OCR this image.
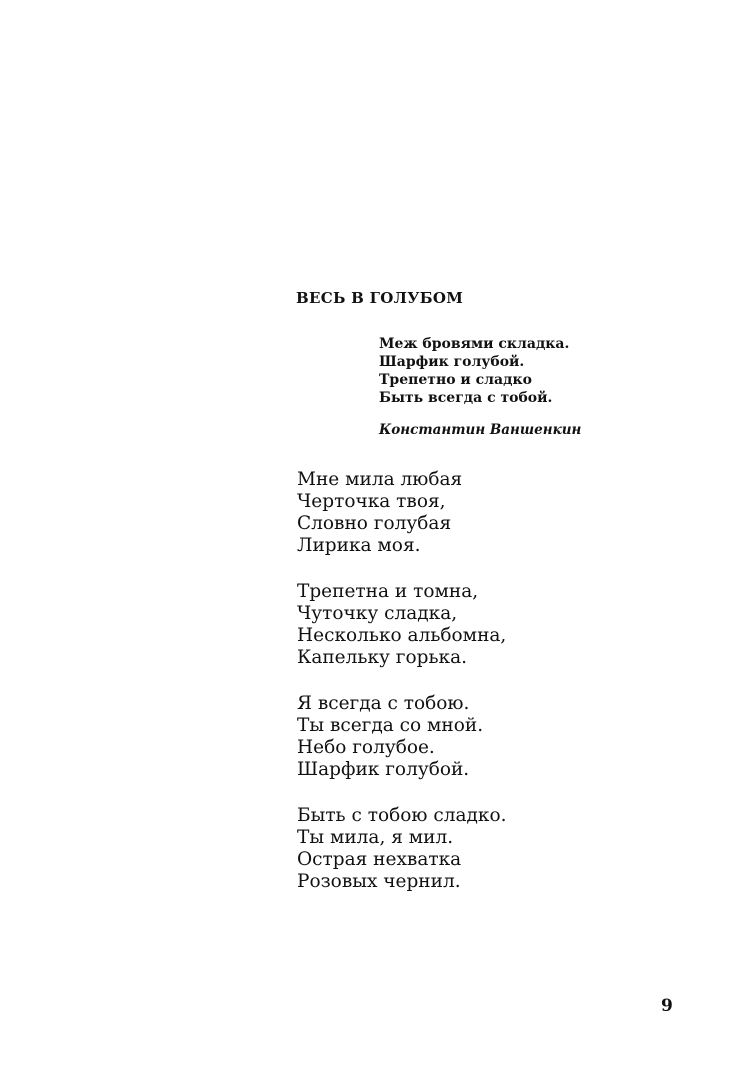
ВЕСЬ В ГОЛУБОМ
Меж бровями складка.
Шарфик голубой.
Трепетно и сладко
Быть всегда с тобой.
Константин Ваншенкин
Мне мила любая
Черточка твоя,
Словно голубая
Лирика моя.
Трепетна и томна,
Чуточку сладка,
Несколько альбомна,
Капельку горька.
Я всегда с тобою.
Ты всегда со мной.
Небо голубое.
Шарфик голубой.
Быть с тобою сладко.
Ты мила, я мил.
Острая нехватка
Розовых чернил.
9
